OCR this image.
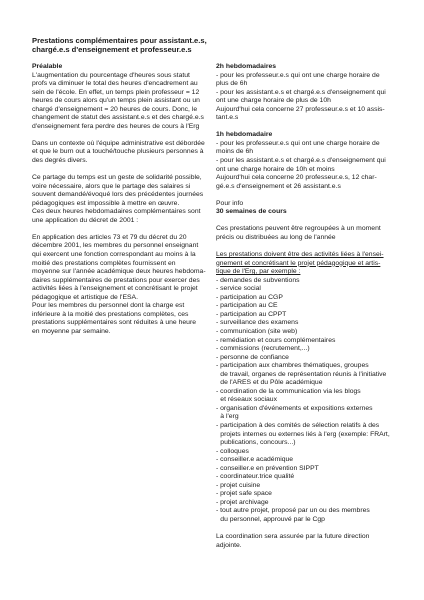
Prestations complémentaires pour assistant.e.s,
chargé.e.s d'enseignement et professeur.e.s
Préalable
L'augmentation du pourcentage d'heures sous statut
profs va diminuer le total des heures d'encadrement au
sein de l'école. En effet, un temps plein professeur = 12
heures de cours alors qu'un temps plein assistant ou un
chargé d'enseignement = 20 heures de cours. Donc, le
changement de statut des assistant.e.s et des chargé.e.s
d'enseignement fera perdre des heures de cours à l'Erg
Dans un contexte où l'équipe administrative est débordée
et que le burn out a touché/touche plusieurs personnes à
des degrés divers.
Ce partage du temps est un geste de solidarité possible,
voire nécessaire, alors que le partage des salaires si
souvent demandé/évoqué lors des précédentes journées
pédagogiques est impossible à mettre en œuvre.
Ces deux heures hebdomadaires complémentaires sont
une application du décret de 2001 :
En application des articles 73 et 79 du décret du 20
décembre 2001, les membres du personnel enseignant
qui exercent une fonction correspondant au moins à la
moitié des prestations complètes fournissent en
moyenne sur l'année académique deux heures hebdoma-
daires supplémentaires de prestations pour exercer des
activités liées à l'enseignement et concrétisant le projet
pédagogique et artistique de l'ESA.
Pour les membres du personnel dont la charge est
inférieure à la moitié des prestations complètes, ces
prestations supplémentaires sont réduites à une heure
en moyenne par semaine.
2h hebdomadaires
- pour les professeur.e.s qui ont une charge horaire de
plus de 6h
- pour les assistant.e.s et chargé.e.s d'enseignement qui
ont une charge horaire de plus de 10h
Aujourd'hui cela concerne 27 professeur.e.s et 10 assis-
tant.e.s
1h hebdomadaire
- pour les professeur.e.s qui ont une charge horaire de
moins de 6h
- pour les assistant.e.s et chargé.e.s d'enseignement qui
ont une charge horaire de 10h et moins
Aujourd'hui cela concerne 20 professeur.e.s, 12 char-
gé.e.s d'enseignement et 26 assistant.e.s
Pour info
30 semaines de cours
Ces prestations peuvent être regroupées à un moment
précis ou distribuées au long de l'année
Les prestations doivent être des activités liées à l'ensei-
gnement et concrétisant le projet pédagogique et artis-
tique de l'Erg, par exemple :
- demandes de subventions
- service social
- participation au CGP
- participation au CE
- participation au CPPT
- surveillance des examens
- communication (site web)
- remédiation et cours complémentaires
- commissions (recrutement,...)
- personne de confiance
- participation aux chambres thématiques, groupes
de travail, organes de représentation réunis à l'initiative
de l'ARES et du Pôle académique
- coordination de la communication via les blogs
et réseaux sociaux
- organisation d'événements et expositions externes
à l'erg
- participation à des comités de sélection relatifs à des
projets internes ou externes liés à l'erg (exemple: FRArt,
publications, concours...)
- colloques
- conseiller.e académique
- conseiller.e en prévention SIPPT
- coordinateur.trice qualité
- projet cuisine
- projet safe space
- projet archivage
- tout autre projet, proposé par un ou des membres
du personnel, approuvé par le Cgp
La coordination sera assurée par la future direction
adjointe.
